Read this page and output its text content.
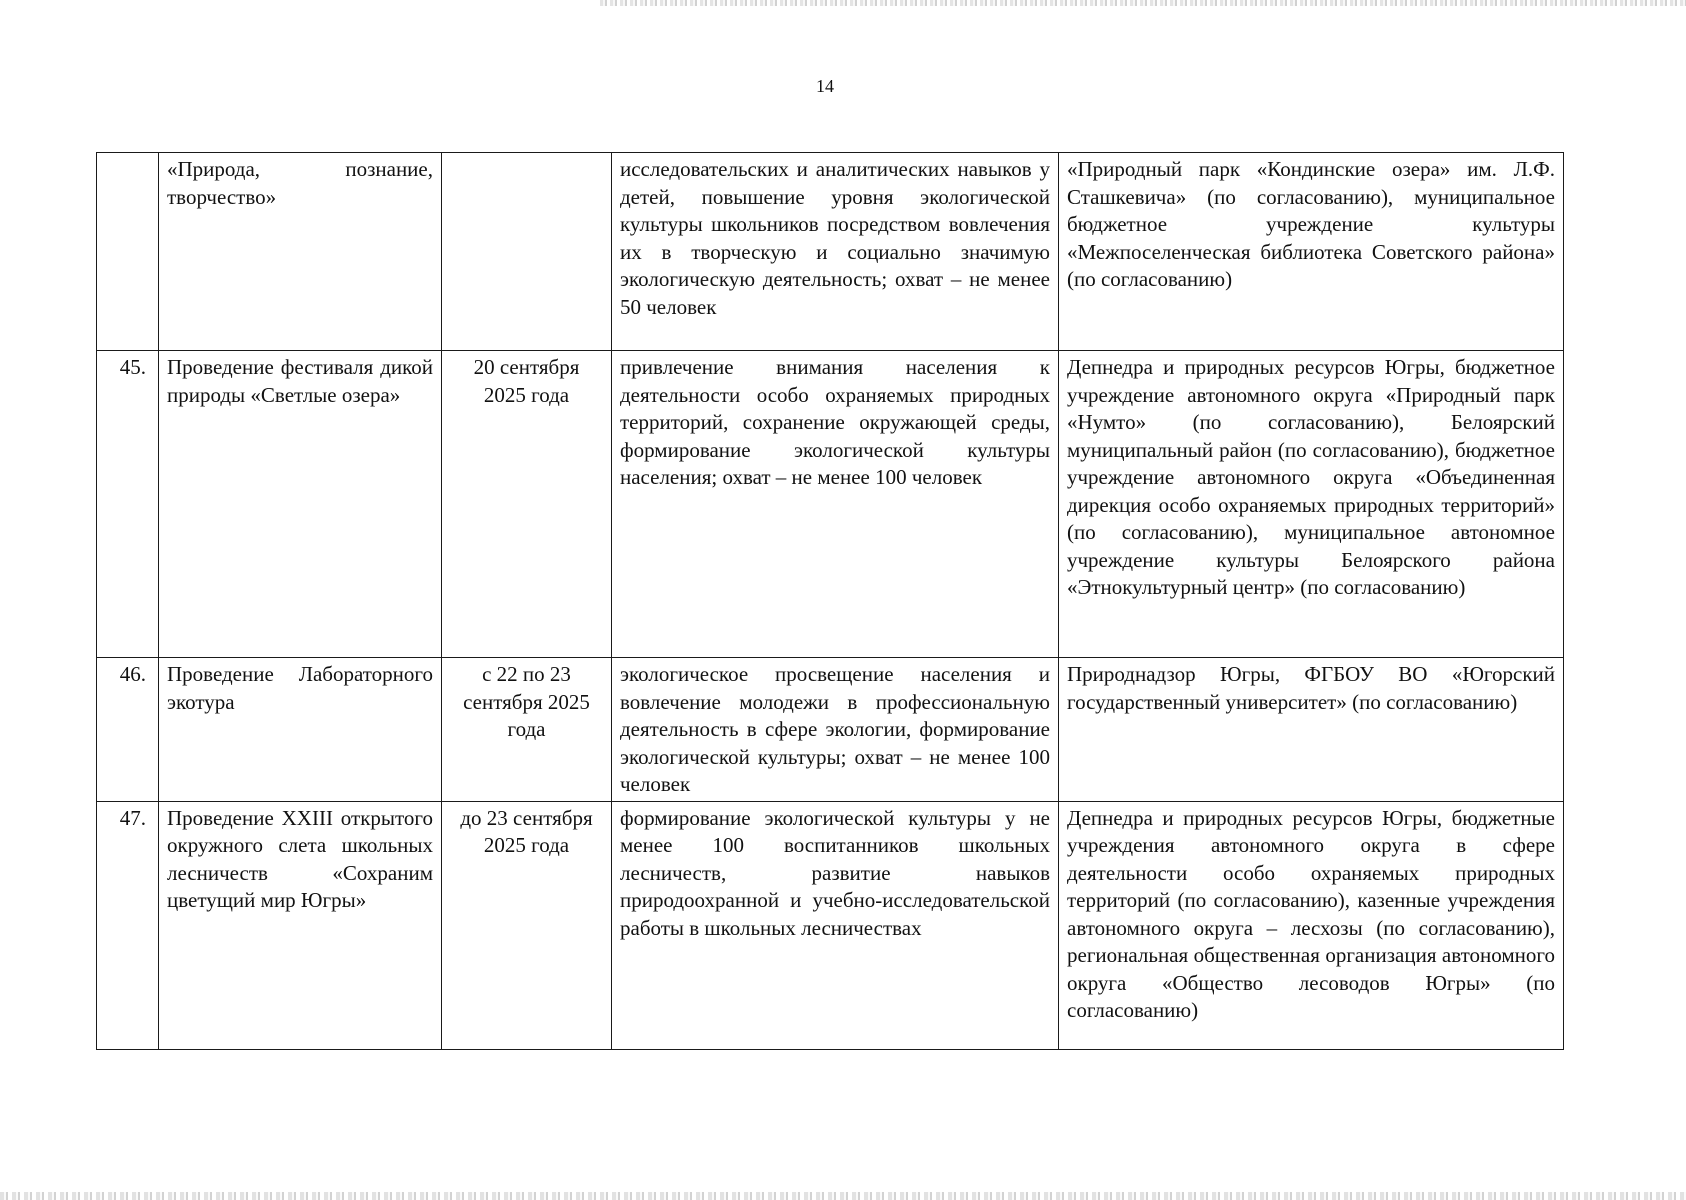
14
	«Природа, познание, творчество»		исследовательских и аналитических навыков у детей, повышение уровня экологической культуры школьников посредством вовлечения их в творческую и социально значимую экологическую деятельность; охват – не менее 50 человек	«Природный парк «Кондинские озера» им. Л.Ф. Сташкевича» (по согласованию), муниципальное бюджетное учреждение культуры «Межпоселенческая библиотека Советского района» (по согласованию)
45.	Проведение фестиваля дикой природы «Светлые озера»	20 сентября 2025 года	привлечение внимания населения к деятельности особо охраняемых природных территорий, сохранение окружающей среды, формирование экологической культуры населения; охват – не менее 100 человек	Депнедра и природных ресурсов Югры, бюджетное учреждение автономного округа «Природный парк «Нумто» (по согласованию), Белоярский муниципальный район (по согласованию), бюджетное учреждение автономного округа «Объединенная дирекция особо охраняемых природных территорий» (по согласованию), муниципальное автономное учреждение культуры Белоярского района «Этнокультурный центр» (по согласованию)
46.	Проведение Лабораторного экотура	с 22 по 23 сентября 2025 года	экологическое просвещение населения и вовлечение молодежи в профессиональную деятельность в сфере экологии, формирование экологической культуры; охват – не менее 100 человек	Природнадзор Югры, ФГБОУ ВО «Югорский государственный университет» (по согласованию)
47.	Проведение XXIII открытого окружного слета школьных лесничеств «Сохраним цветущий мир Югры»	до 23 сентября 2025 года	формирование экологической культуры у не менее 100 воспитанников школьных лесничеств, развитие навыков природоохранной и учебно-исследовательской работы в школьных лесничествах	Депнедра и природных ресурсов Югры, бюджетные учреждения автономного округа в сфере деятельности особо охраняемых природных территорий (по согласованию), казенные учреждения автономного округа – лесхозы (по согласованию), региональная общественная организация автономного округа «Общество лесоводов Югры» (по согласованию)
